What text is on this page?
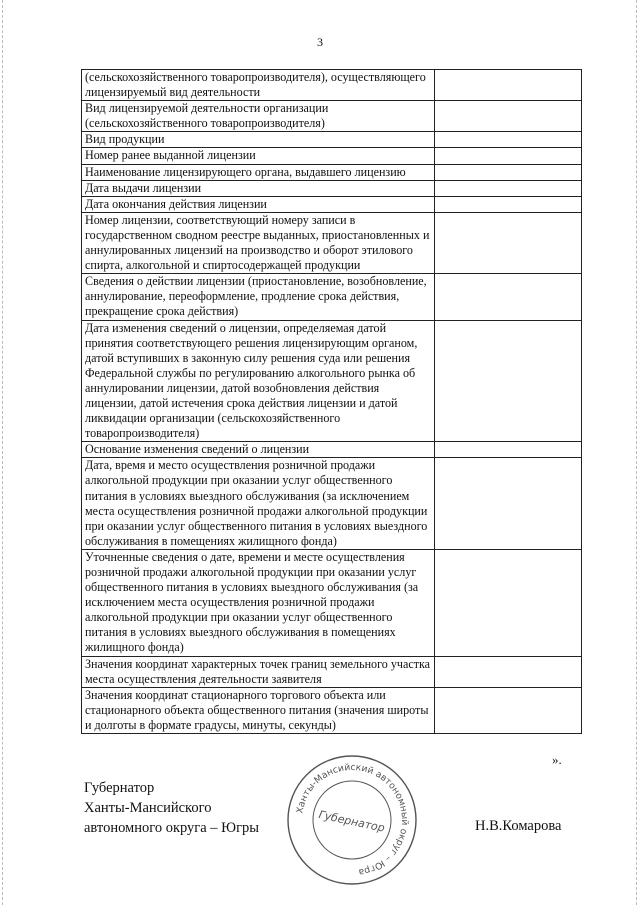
3
(сельскохозяйственного товаропроизводителя), осуществляющего лицензируемый вид деятельности	
Вид лицензируемой деятельности организации (сельскохозяйственного товаропроизводителя)	
Вид продукции	
Номер ранее выданной лицензии	
Наименование лицензирующего органа, выдавшего лицензию	
Дата выдачи лицензии	
Дата окончания действия лицензии	
Номер лицензии, соответствующий номеру записи в государственном сводном реестре выданных, приостановленных и аннулированных лицензий на производство и оборот этилового спирта, алкогольной и спиртосодержащей продукции	
Сведения о действии лицензии (приостановление, возобновление, аннулирование, переоформление, продление срока действия, прекращение срока действия)	
Дата изменения сведений о лицензии, определяемая датой принятия соответствующего решения лицензирующим органом, датой вступивших в законную силу решения суда или решения Федеральной службы по регулированию алкогольного рынка об аннулировании лицензии, датой возобновления действия лицензии, датой истечения срока действия лицензии и датой ликвидации организации (сельскохозяйственного товаропроизводителя)	
Основание изменения сведений о лицензии	
Дата, время и место осуществления розничной продажи алкогольной продукции при оказании услуг общественного питания в условиях выездного обслуживания (за исключением места осуществления розничной продажи алкогольной продукции при оказании услуг общественного питания в условиях выездного обслуживания в помещениях жилищного фонда)	
Уточненные сведения о дате, времени и месте осуществления розничной продажи алкогольной продукции при оказании услуг общественного питания в условиях выездного обслуживания (за исключением места осуществления розничной продажи алкогольной продукции при оказании услуг общественного питания в условиях выездного обслуживания в помещениях жилищного фонда)	
Значения координат характерных точек границ земельного участка места осуществления деятельности заявителя	
Значения координат стационарного торгового объекта или стационарного объекта общественного питания (значения широты и долготы в формате градусы, минуты, секунды)	
».
Губернатор
Ханты-Мансийского
автономного округа – Югры
Ханты-Мансийский автономный округ – Югра
Губернатор	Н.В.Комарова
